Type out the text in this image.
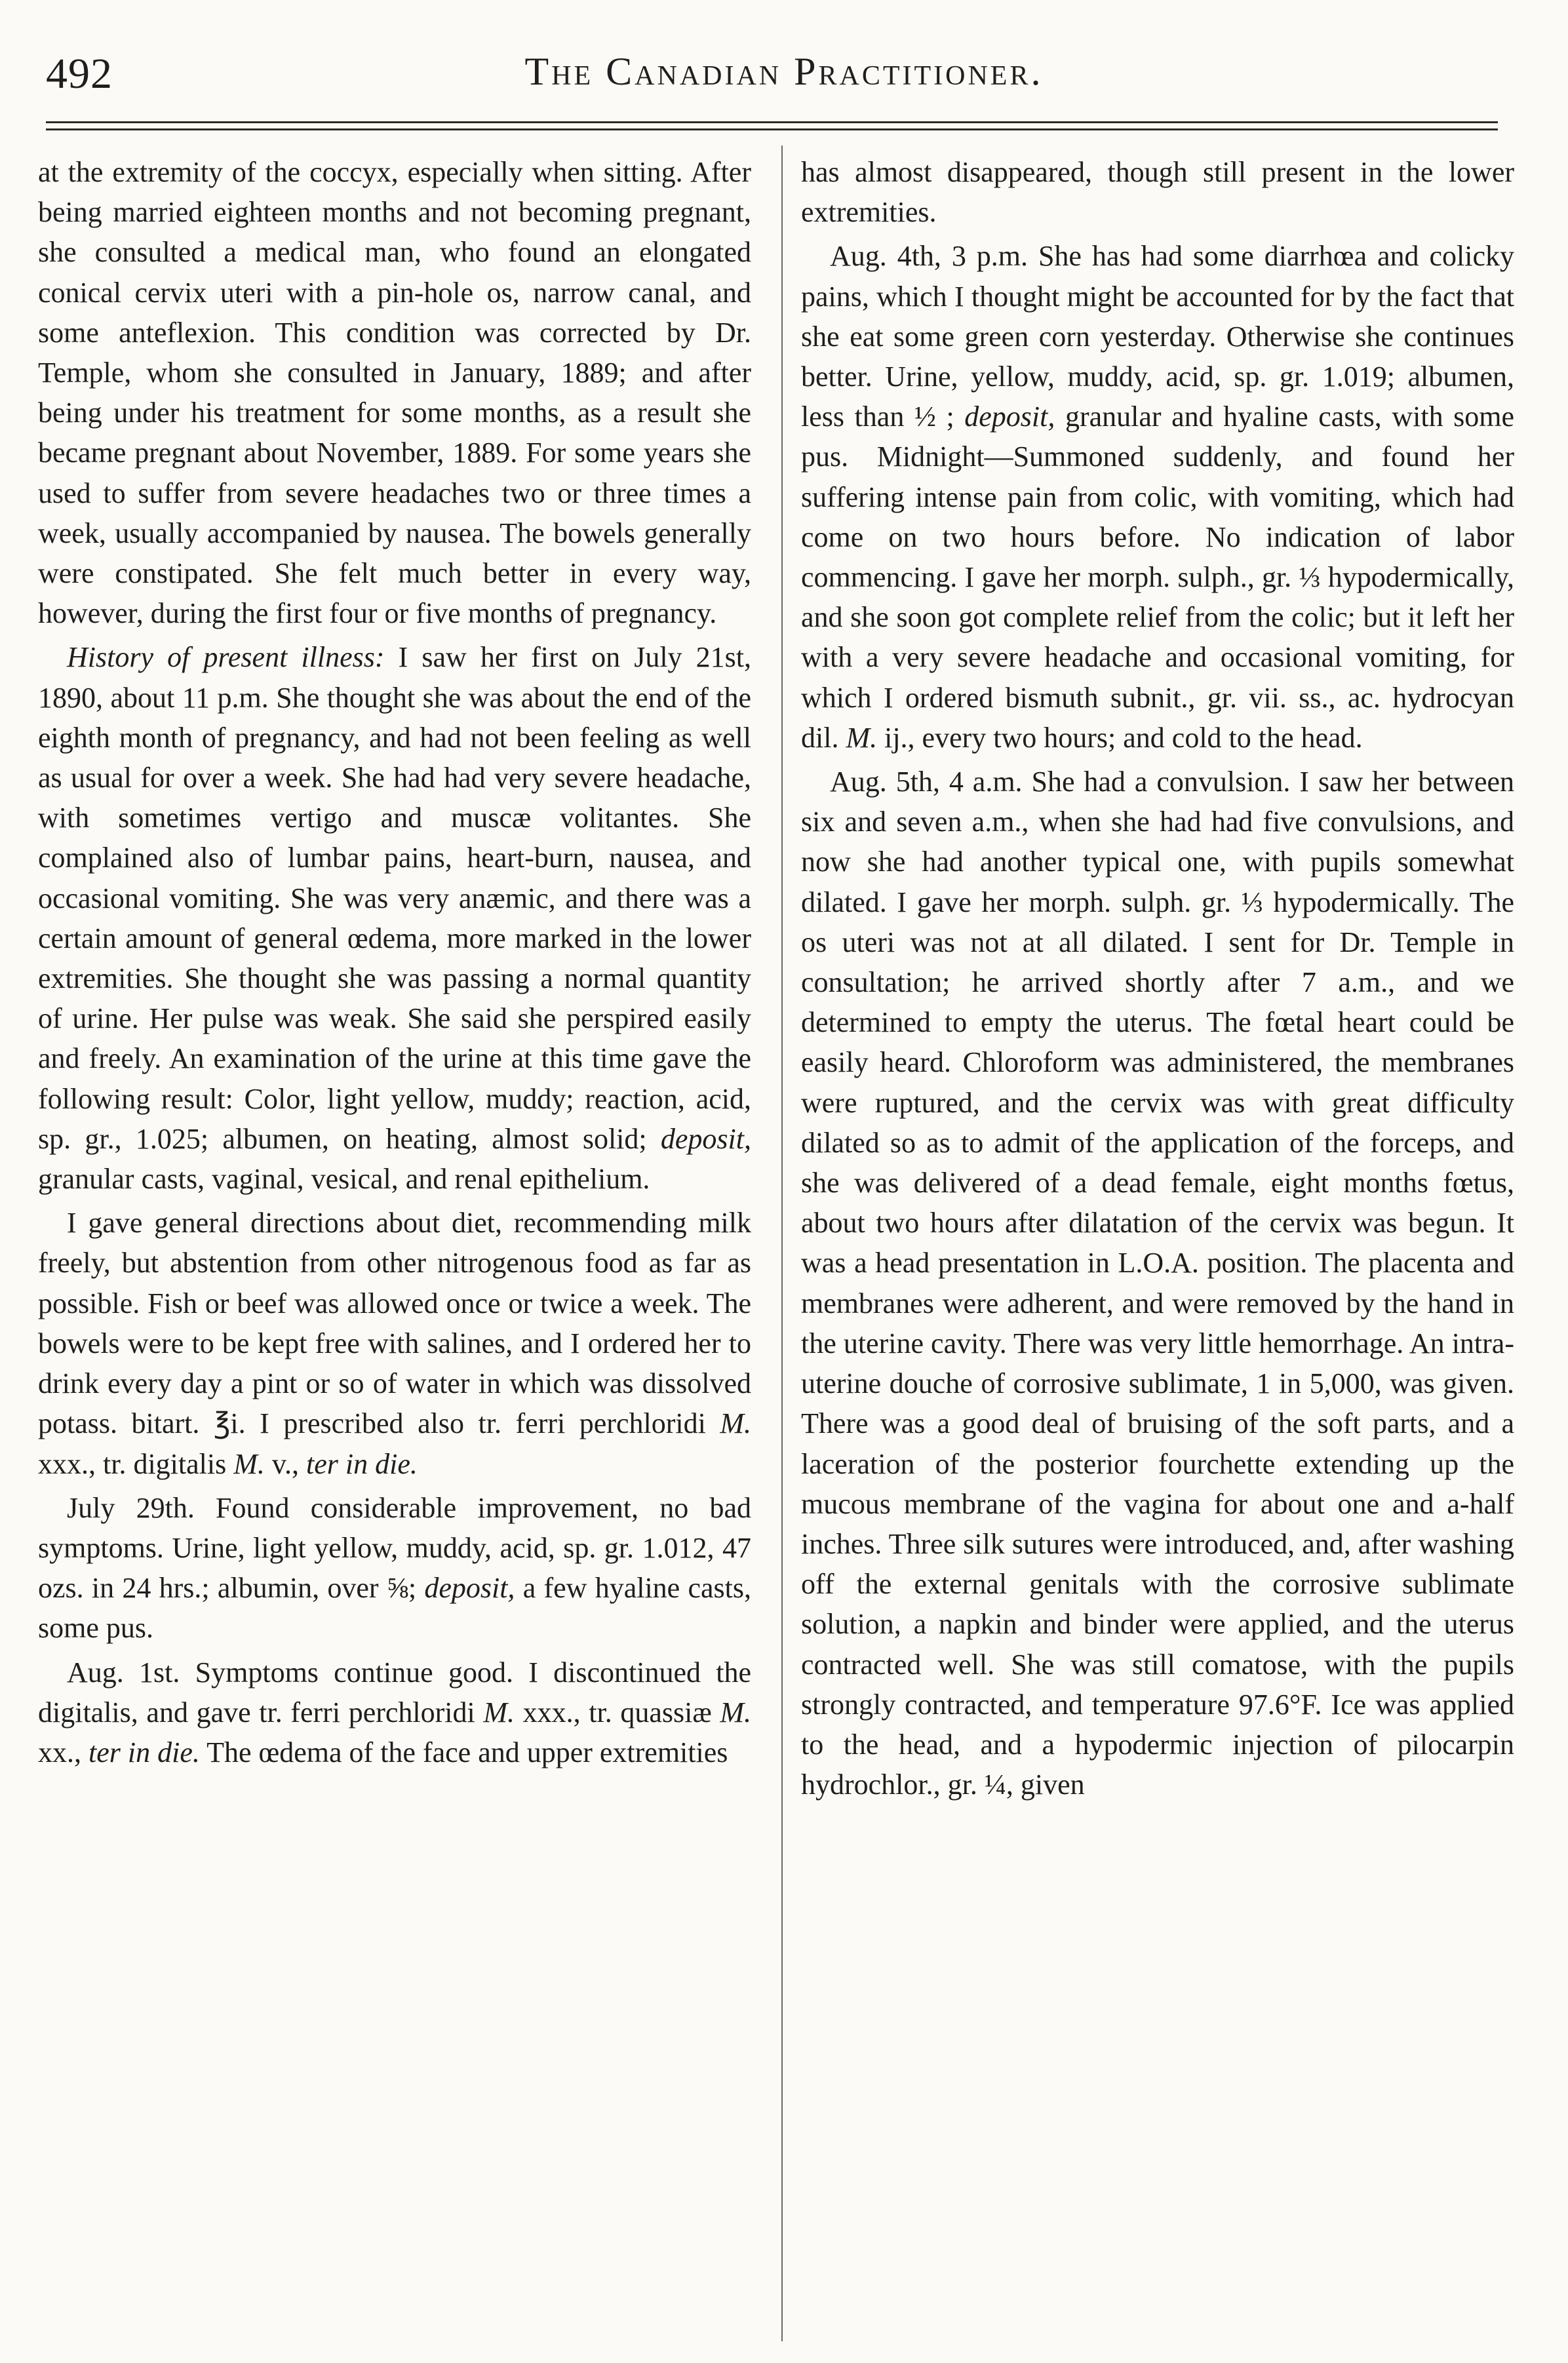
492	The Canadian Practitioner.

at the extremity of the coccyx, especially when sitting. After being married eighteen months and not becoming pregnant, she consulted a medical man, who found an elongated conical cervix uteri with a pin-hole os, narrow canal, and some anteflexion. This condition was corrected by Dr. Temple, whom she consulted in January, 1889; and after being under his treatment for some months, as a result she became pregnant about November, 1889. For some years she used to suffer from severe headaches two or three times a week, usually accompanied by nausea. The bowels generally were constipated. She felt much better in every way, however, during the first four or five months of pregnancy.

History of present illness: I saw her first on July 21st, 1890, about 11 p.m. She thought she was about the end of the eighth month of pregnancy, and had not been feeling as well as usual for over a week. She had had very severe headache, with sometimes vertigo and muscæ volitantes. She complained also of lumbar pains, heart-burn, nausea, and occasional vomiting. She was very anæmic, and there was a certain amount of general œdema, more marked in the lower extremities. She thought she was passing a normal quantity of urine. Her pulse was weak. She said she perspired easily and freely. An examination of the urine at this time gave the following result: Color, light yellow, muddy; reaction, acid, sp. gr., 1.025; albumen, on heating, almost solid; deposit, granular casts, vaginal, vesical, and renal epithelium.

I gave general directions about diet, recommending milk freely, but abstention from other nitrogenous food as far as possible. Fish or beef was allowed once or twice a week. The bowels were to be kept free with salines, and I ordered her to drink every day a pint or so of water in which was dissolved potass. bitart. ℥i. I prescribed also tr. ferri perchloridi M. xxx., tr. digitalis M. v., ter in die.

July 29th. Found considerable improvement, no bad symptoms. Urine, light yellow, muddy, acid, sp. gr. 1.012, 47 ozs. in 24 hrs.; albumin, over ⅝; deposit, a few hyaline casts, some pus.

Aug. 1st. Symptoms continue good. I discontinued the digitalis, and gave tr. ferri perchloridi M. xxx., tr. quassiæ M. xx., ter in die. The œdema of the face and upper extremities

has almost disappeared, though still present in the lower extremities.

Aug. 4th, 3 p.m. She has had some diarrhœa and colicky pains, which I thought might be accounted for by the fact that she eat some green corn yesterday. Otherwise she continues better. Urine, yellow, muddy, acid, sp. gr. 1.019; albumen, less than ½ ; deposit, granular and hyaline casts, with some pus. Midnight—Summoned suddenly, and found her suffering intense pain from colic, with vomiting, which had come on two hours before. No indication of labor commencing. I gave her morph. sulph., gr. ⅓ hypodermically, and she soon got complete relief from the colic; but it left her with a very severe headache and occasional vomiting, for which I ordered bismuth subnit., gr. vii. ss., ac. hydrocyan dil. M. ij., every two hours; and cold to the head.

Aug. 5th, 4 a.m. She had a convulsion. I saw her between six and seven a.m., when she had had five convulsions, and now she had another typical one, with pupils somewhat dilated. I gave her morph. sulph. gr. ⅓ hypodermically. The os uteri was not at all dilated. I sent for Dr. Temple in consultation; he arrived shortly after 7 a.m., and we determined to empty the uterus. The fœtal heart could be easily heard. Chloroform was administered, the membranes were ruptured, and the cervix was with great difficulty dilated so as to admit of the application of the forceps, and she was delivered of a dead female, eight months fœtus, about two hours after dilatation of the cervix was begun. It was a head presentation in L.O.A. position. The placenta and membranes were adherent, and were removed by the hand in the uterine cavity. There was very little hemorrhage. An intra-uterine douche of corrosive sublimate, 1 in 5,000, was given. There was a good deal of bruising of the soft parts, and a laceration of the posterior fourchette extending up the mucous membrane of the vagina for about one and a-half inches. Three silk sutures were introduced, and, after washing off the external genitals with the corrosive sublimate solution, a napkin and binder were applied, and the uterus contracted well. She was still comatose, with the pupils strongly contracted, and temperature 97.6°F. Ice was applied to the head, and a hypodermic injection of pilocarpin hydrochlor., gr. ¼, given
